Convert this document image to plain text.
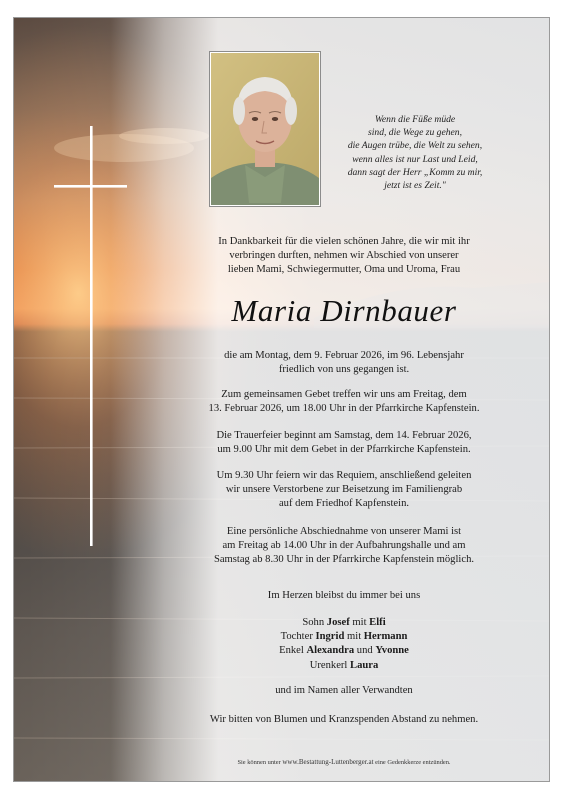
Wenn die Füße müde
sind, die Wege zu gehen,
die Augen trübe, die Welt zu sehen,
wenn alles ist nur Last und Leid,
dann sagt der Herr „Komm zu mir,
jetzt ist es Zeit."
In Dankbarkeit für die vielen schönen Jahre, die wir mit ihr
verbringen durften, nehmen wir Abschied von unserer
lieben Mami, Schwiegermutter, Oma und Uroma, Frau
Maria Dirnbauer
die am Montag, dem 9. Februar 2026, im 96. Lebensjahr
friedlich von uns gegangen ist.
Zum gemeinsamen Gebet treffen wir uns am Freitag, dem
13. Februar 2026, um 18.00 Uhr in der Pfarrkirche Kapfenstein.
Die Trauerfeier beginnt am Samstag, dem 14. Februar 2026,
um 9.00 Uhr mit dem Gebet in der Pfarrkirche Kapfenstein.
Um 9.30 Uhr feiern wir das Requiem, anschließend geleiten
wir unsere Verstorbene zur Beisetzung im Familiengrab
auf dem Friedhof Kapfenstein.
Eine persönliche Abschiednahme von unserer Mami ist
am Freitag ab 14.00 Uhr in der Aufbahrungshalle und am
Samstag ab 8.30 Uhr in der Pfarrkirche Kapfenstein möglich.
Im Herzen bleibst du immer bei uns
Sohn Josef mit Elfi
Tochter Ingrid mit Hermann
Enkel Alexandra und Yvonne
Urenkerl Laura
und im Namen aller Verwandten
Wir bitten von Blumen und Kranzspenden Abstand zu nehmen.
Sie können unter www.Bestattung-Luttenberger.at eine Gedenkkerze entzünden.
